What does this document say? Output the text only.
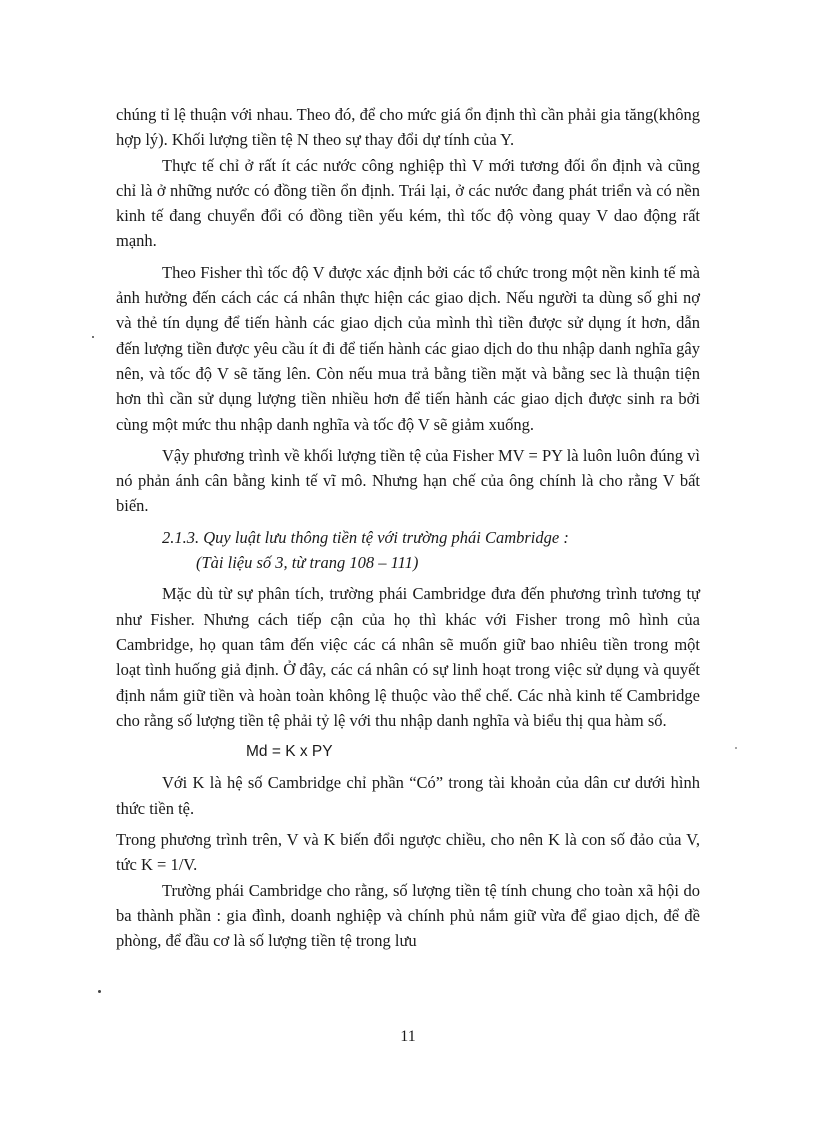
chúng tỉ lệ thuận với nhau. Theo đó, để cho mức giá ổn định thì cần phải gia tăng(không hợp lý). Khối lượng tiền tệ N theo sự thay đổi dự tính của Y.

Thực tế chỉ ở rất ít các nước công nghiệp thì V mới tương đối ổn định và cũng chỉ là ở những nước có đồng tiền ổn định. Trái lại, ở các nước đang phát triển và có nền kinh tế đang chuyển đổi có đồng tiền yếu kém, thì tốc độ vòng quay V dao động rất mạnh.

Theo Fisher thì tốc độ V được xác định bởi các tổ chức trong một nền kinh tế mà ảnh hưởng đến cách các cá nhân thực hiện các giao dịch. Nếu người ta dùng số ghi nợ và thẻ tín dụng để tiến hành các giao dịch của mình thì tiền được sử dụng ít hơn, dẫn đến lượng tiền được yêu cầu ít đi để tiến hành các giao dịch do thu nhập danh nghĩa gây nên, và tốc độ V sẽ tăng lên. Còn nếu mua trả bằng tiền mặt và bằng sec là thuận tiện hơn thì cần sử dụng lượng tiền nhiều hơn để tiến hành các giao dịch được sinh ra bởi cùng một mức thu nhập danh nghĩa và tốc độ V sẽ giảm xuống.

Vậy phương trình về khối lượng tiền tệ của Fisher MV = PY là luôn luôn đúng vì nó phản ánh cân bằng kinh tế vĩ mô. Nhưng hạn chế của ông chính là cho rằng V bất biến.

2.1.3. Quy luật lưu thông tiền tệ với trường phái Cambridge :

(Tài liệu số 3, từ trang 108 – 111)

Mặc dù từ sự phân tích, trường phái Cambridge đưa đến phương trình tương tự như Fisher. Nhưng cách tiếp cận của họ thì khác với Fisher trong mô hình của Cambridge, họ quan tâm đến việc các cá nhân sẽ muốn giữ bao nhiêu tiền trong một loạt tình huống giả định. Ở đây, các cá nhân có sự linh hoạt trong việc sử dụng và quyết định nắm giữ tiền và hoàn toàn không lệ thuộc vào thể chế. Các nhà kinh tế Cambridge cho rằng số lượng tiền tệ phải tỷ lệ với thu nhập danh nghĩa và biểu thị qua hàm số.

Md = K x PY

Với K là hệ số Cambridge chỉ phần “Có” trong tài khoản của dân cư dưới hình thức tiền tệ.

Trong phương trình trên, V và K biến đổi ngược chiều, cho nên K là con số đảo của V, tức K = 1/V.

Trường phái Cambridge cho rằng, số lượng tiền tệ tính chung cho toàn xã hội do ba thành phần : gia đình, doanh nghiệp và chính phủ nắm giữ vừa để giao dịch, để đề phòng, để đầu cơ là số lượng tiền tệ trong lưu

11
